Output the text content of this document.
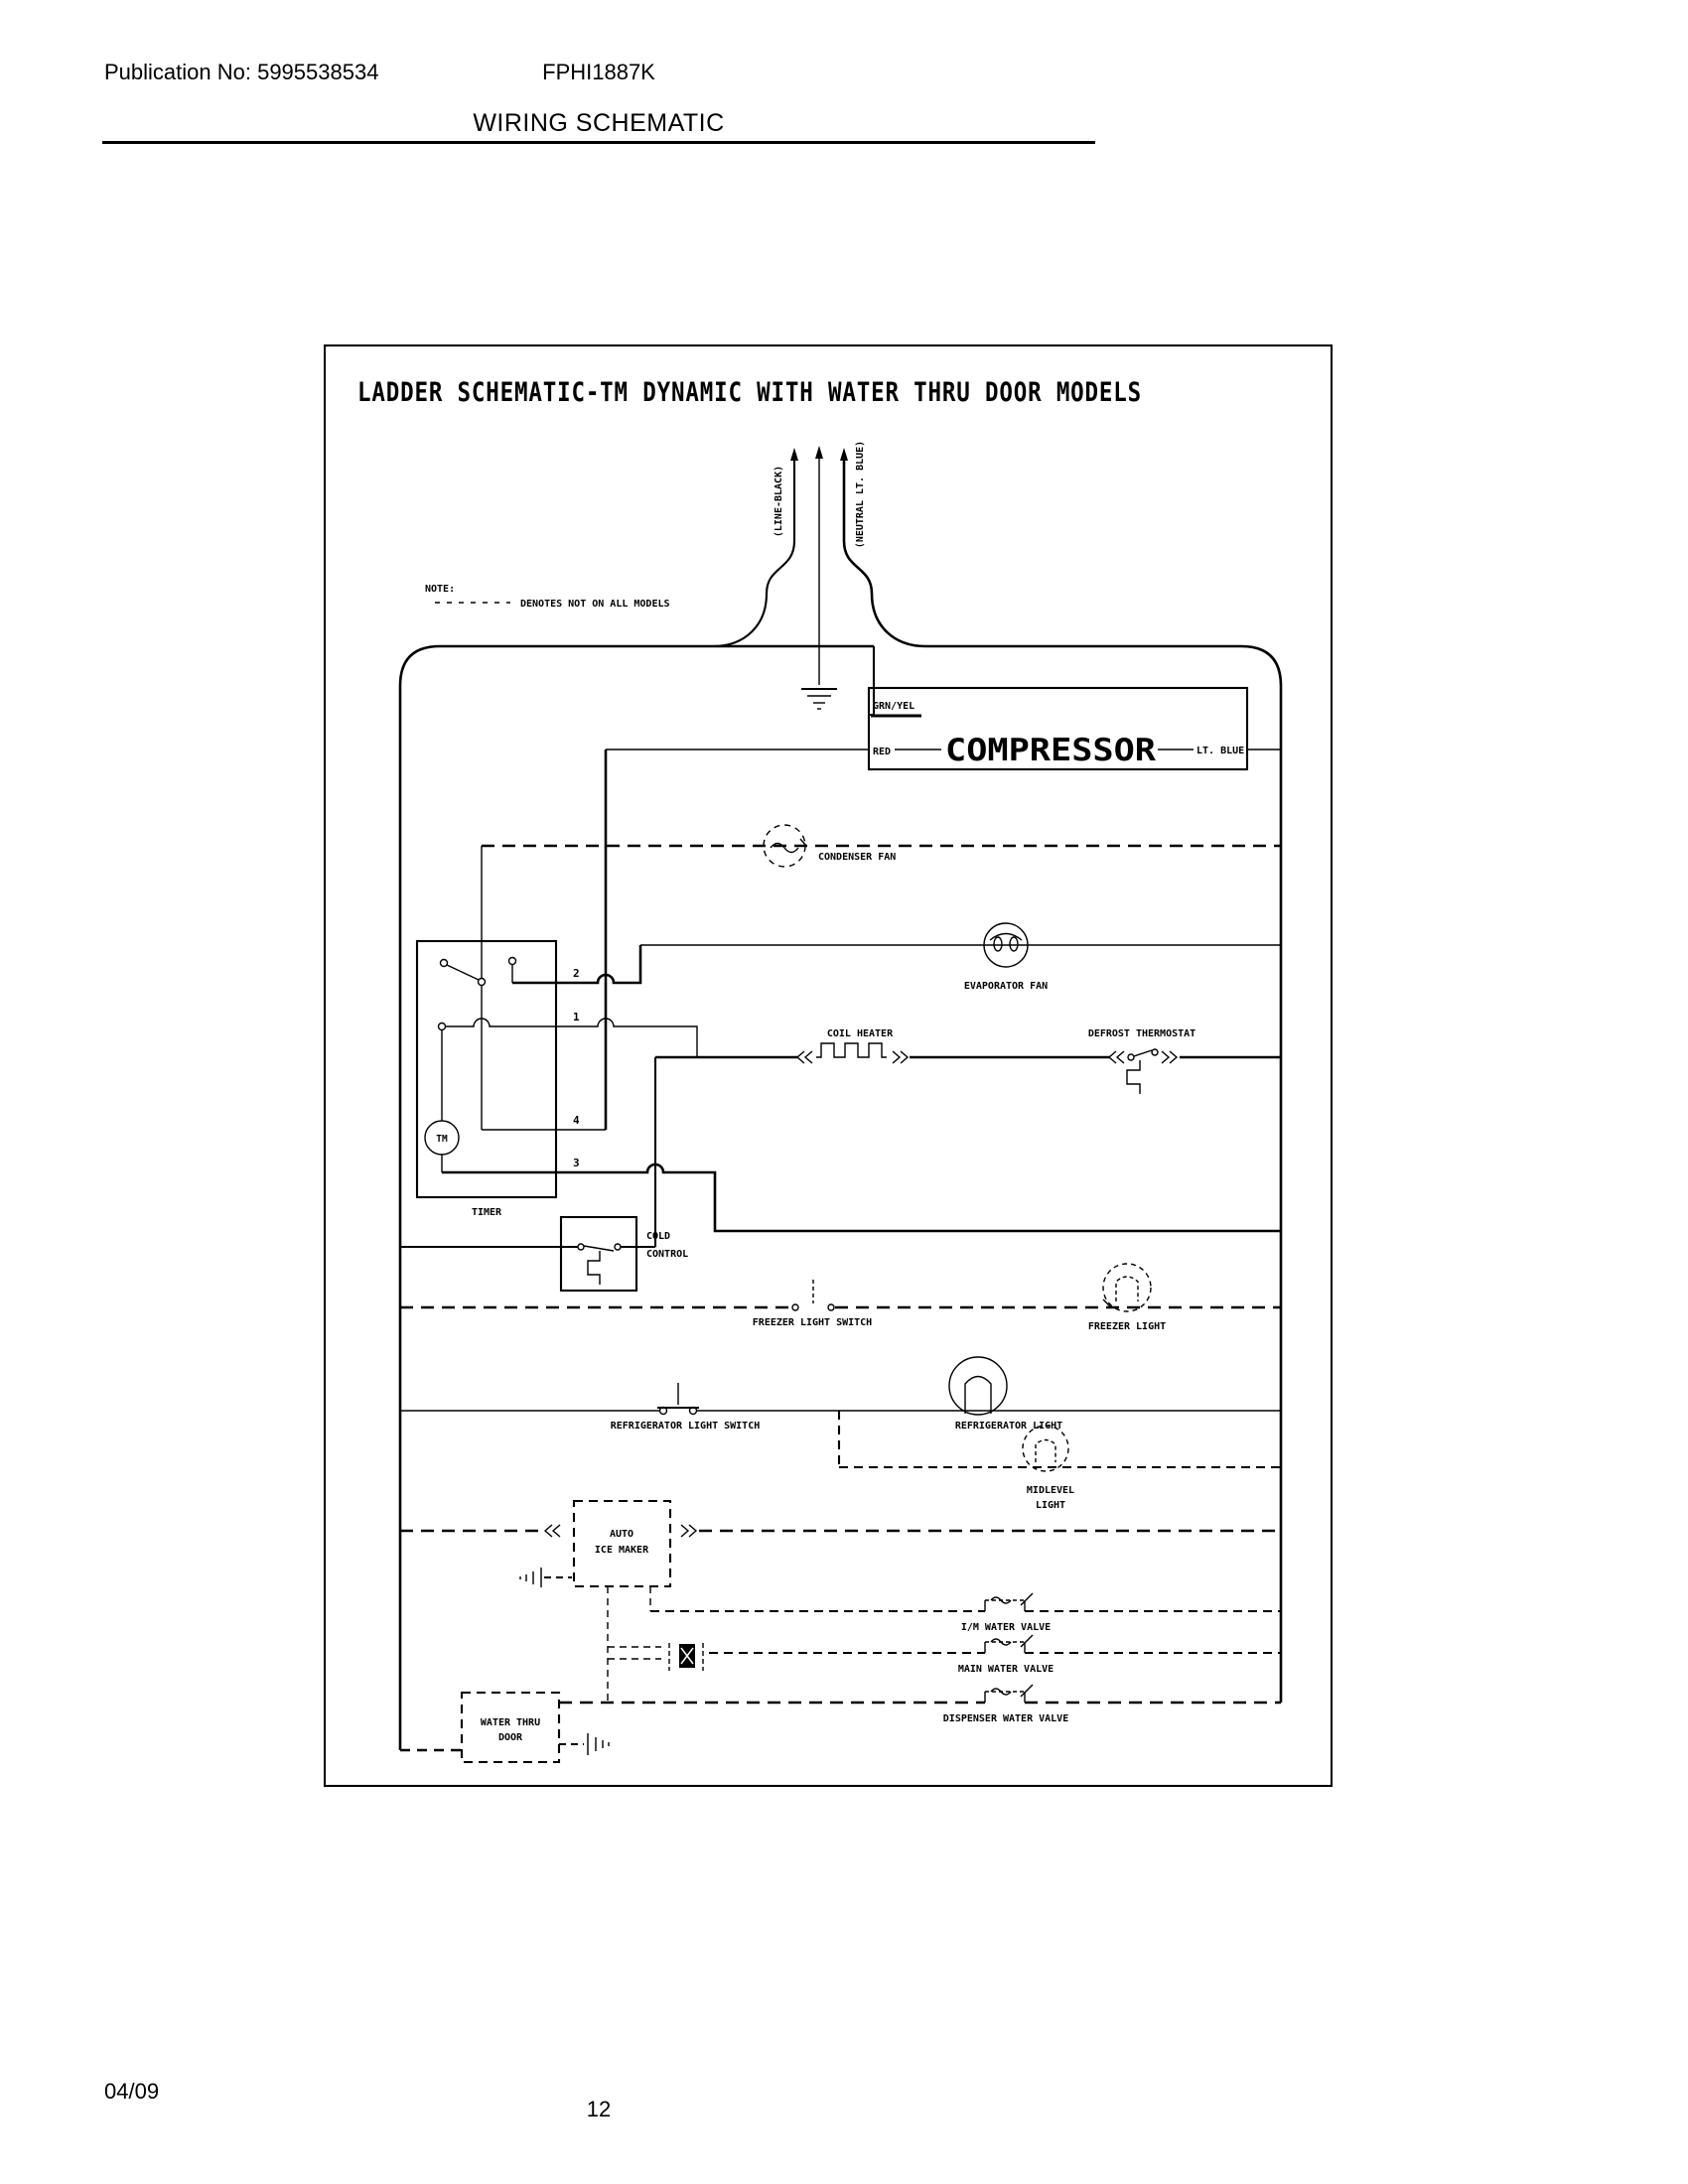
Publication No: 5995538534	FPHI1887K
WIRING SCHEMATIC
LADDER SCHEMATIC-TM DYNAMIC WITH WATER THRU DOOR MODELS
NOTE:
DENOTES NOT ON ALL MODELS
(LINE-BLACK)	(NEUTRAL LT. BLUE)
GRN/YEL
RED COMPRESSOR	LT. BLUE
CONDENSER FAN
EVAPORATOR FAN
TIMER
TM
2
1
4
3
COIL HEATER	DEFROST THERMOSTAT
COLD
CONTROL
FREEZER LIGHT SWITCH	FREEZER LIGHT
REFRIGERATOR LIGHT SWITCH	REFRIGERATOR LIGHT
MIDLEVEL
LIGHT
AUTO
ICE MAKER
I/M WATER VALVE
MAIN WATER VALVE
DISPENSER WATER VALVE
WATER THRU
DOOR
04/09
12
